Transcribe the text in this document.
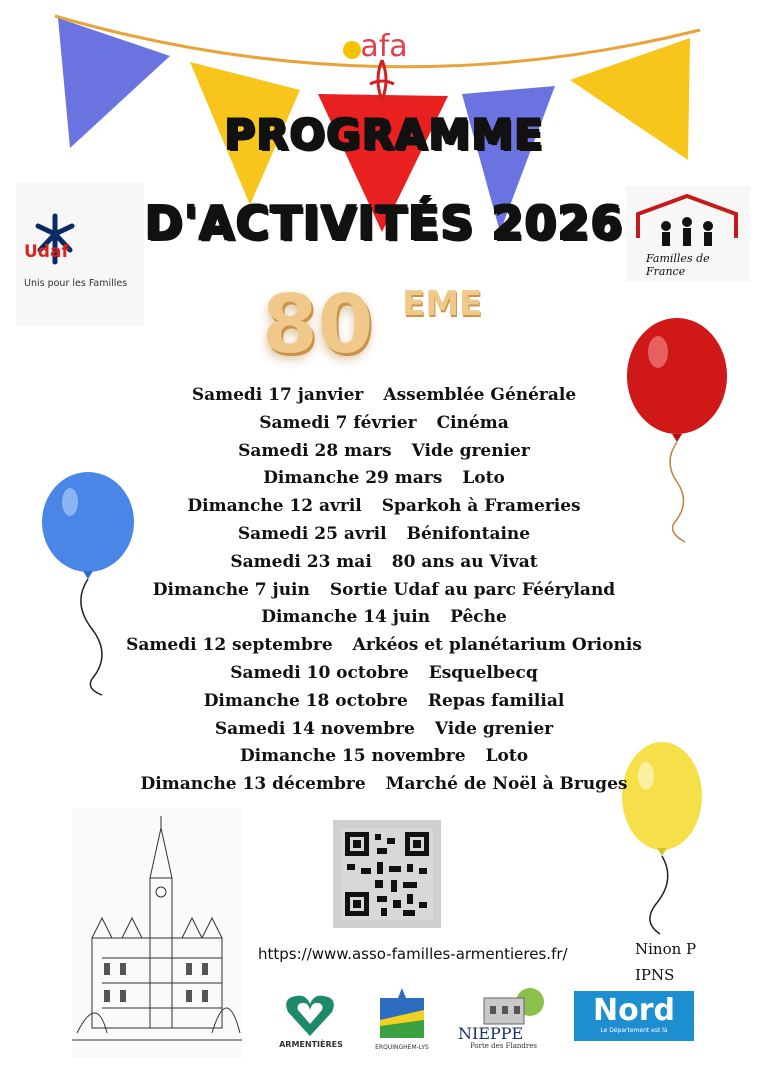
afa
PROGRAMME
D'ACTIVITÉS 2026
Udaf
Unis pour les Familles
Familles de France
80 EME
Samedi 17 janvier Assemblée Générale
Samedi 7 février Cinéma
Samedi 28 mars Vide grenier
Dimanche 29 mars Loto
Dimanche 12 avril Sparkoh à Frameries
Samedi 25 avril Bénifontaine
Samedi 23 mai 80 ans au Vivat
Dimanche 7 juin Sortie Udaf au parc Fééryland
Dimanche 14 juin Pêche
Samedi 12 septembre Arkéos et planétarium Orionis
Samedi 10 octobre Esquelbecq
Dimanche 18 octobre Repas familial
Samedi 14 novembre Vide grenier
Dimanche 15 novembre Loto
Dimanche 13 décembre Marché de Noël à Bruges
https://www.asso-familles-armentieres.fr/	Ninon P
IPNS
ARMENTIÈRES	ERQUINGHEM-LYS
NIEPPE
Porte des Flandres
Nord
Le Département est là
